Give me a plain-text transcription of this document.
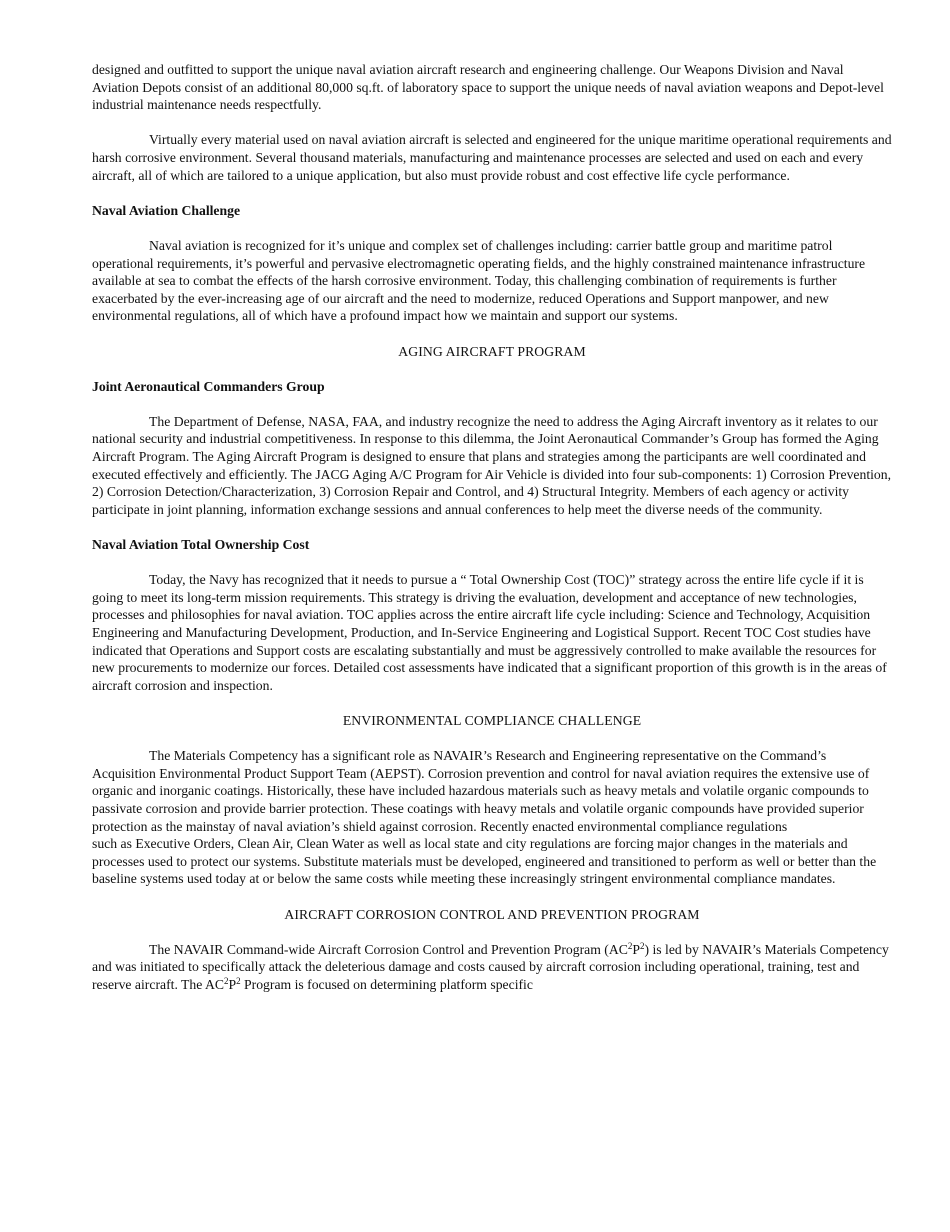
designed and outfitted to support the unique naval aviation aircraft research and engineering challenge. Our Weapons Division and Naval Aviation Depots consist of an additional 80,000 sq.ft. of laboratory space to support the unique needs of naval aviation weapons and Depot-level industrial maintenance needs respectfully.

Virtually every material used on naval aviation aircraft is selected and engineered for the unique maritime operational requirements and harsh corrosive environment. Several thousand materials, manufacturing and maintenance processes are selected and used on each and every aircraft, all of which are tailored to a unique application, but also must provide robust and cost effective life cycle performance.

Naval Aviation Challenge

Naval aviation is recognized for it’s unique and complex set of challenges including: carrier battle group and maritime patrol operational requirements, it’s powerful and pervasive electromagnetic operating fields, and the highly constrained maintenance infrastructure available at sea to combat the effects of the harsh corrosive environment. Today, this challenging combination of requirements is further exacerbated by the ever-increasing age of our aircraft and the need to modernize, reduced Operations and Support manpower, and new environmental regulations, all of which have a profound impact how we maintain and support our systems.

AGING AIRCRAFT PROGRAM
Joint Aeronautical Commanders Group

The Department of Defense, NASA, FAA, and industry recognize the need to address the Aging Aircraft inventory as it relates to our national security and industrial competitiveness. In response to this dilemma, the Joint Aeronautical Commander’s Group has formed the Aging Aircraft Program. The Aging Aircraft Program is designed to ensure that plans and strategies among the participants are well coordinated and executed effectively and efficiently. The JACG Aging A/C Program for Air Vehicle is divided into four sub-components: 1) Corrosion Prevention, 2) Corrosion Detection/Characterization, 3) Corrosion Repair and Control, and 4) Structural Integrity. Members of each agency or activity participate in joint planning, information exchange sessions and annual conferences to help meet the diverse needs of the community.

Naval Aviation Total Ownership Cost

Today, the Navy has recognized that it needs to pursue a “ Total Ownership Cost (TOC)” strategy across the entire life cycle if it is going to meet its long-term mission requirements. This strategy is driving the evaluation, development and acceptance of new technologies, processes and philosophies for naval aviation. TOC applies across the entire aircraft life cycle including: Science and Technology, Acquisition Engineering and Manufacturing Development, Production, and In-Service Engineering and Logistical Support. Recent TOC Cost studies have indicated that Operations and Support costs are escalating substantially and must be aggressively controlled to make available the resources for new procurements to modernize our forces. Detailed cost assessments have indicated that a significant proportion of this growth is in the areas of aircraft corrosion and inspection.

ENVIRONMENTAL COMPLIANCE CHALLENGE

The Materials Competency has a significant role as NAVAIR’s Research and Engineering representative on the Command’s Acquisition Environmental Product Support Team (AEPST). Corrosion prevention and control for naval aviation requires the extensive use of organic and inorganic coatings. Historically, these have included hazardous materials such as heavy metals and volatile organic compounds to passivate corrosion and provide barrier protection. These coatings with heavy metals and volatile organic compounds have provided superior protection as the mainstay of naval aviation’s shield against corrosion. Recently enacted environmental compliance regulations

such as Executive Orders, Clean Air, Clean Water as well as local state and city regulations are forcing major changes in the materials and processes used to protect our systems. Substitute materials must be developed, engineered and transitioned to perform as well or better than the baseline systems used today at or below the same costs while meeting these increasingly stringent environmental compliance mandates.

AIRCRAFT CORROSION CONTROL AND PREVENTION PROGRAM

The NAVAIR Command-wide Aircraft Corrosion Control and Prevention Program $(AC^2P^2)$ is led by NAVAIR’s Materials Competency and was initiated to specifically attack the deleterious damage and costs caused by aircraft corrosion including operational, training, test and reserve aircraft. The $AC^2P^2$ Program is focused on determining platform specific
